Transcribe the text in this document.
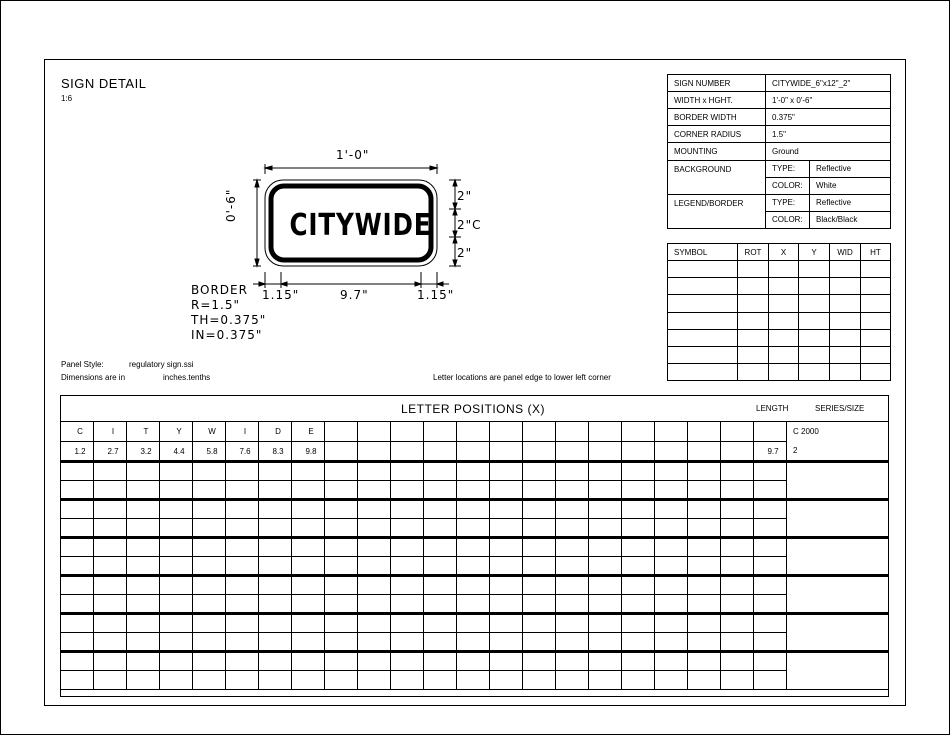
SIGN DETAIL
1:6
CITYWIDE
1'-0"
0'-6"	2"
2"C
2"
1.15"	9.7"	1.15"
BORDER
R=1.5"
TH=0.375"
IN=0.375"
Panel Style:	regulatory sign.ssi
Dimensions are in	inches.tenths	Letter locations are panel edge to lower left corner
SIGN NUMBER	CITYWIDE_6"x12"_2"	
WIDTH x HGHT.	1'-0" x 0'-6"	
BORDER WIDTH	0.375"	
CORNER RADIUS	1.5"	
MOUNTING	Ground	
BACKGROUND	TYPE:	Reflective
	COLOR:	White
LEGEND/BORDER	TYPE:	Reflective
	COLOR:	Black/Black
SYMBOL	ROT	X	Y	WID	HT

LETTER POSITIONS (X)	LENGTH	SERIES/SIZE
C	I	T	Y	W	I	D	E															C 2000
1.2	2.7	3.2	4.4	5.8	7.6	8.3	9.8														9.7	2
